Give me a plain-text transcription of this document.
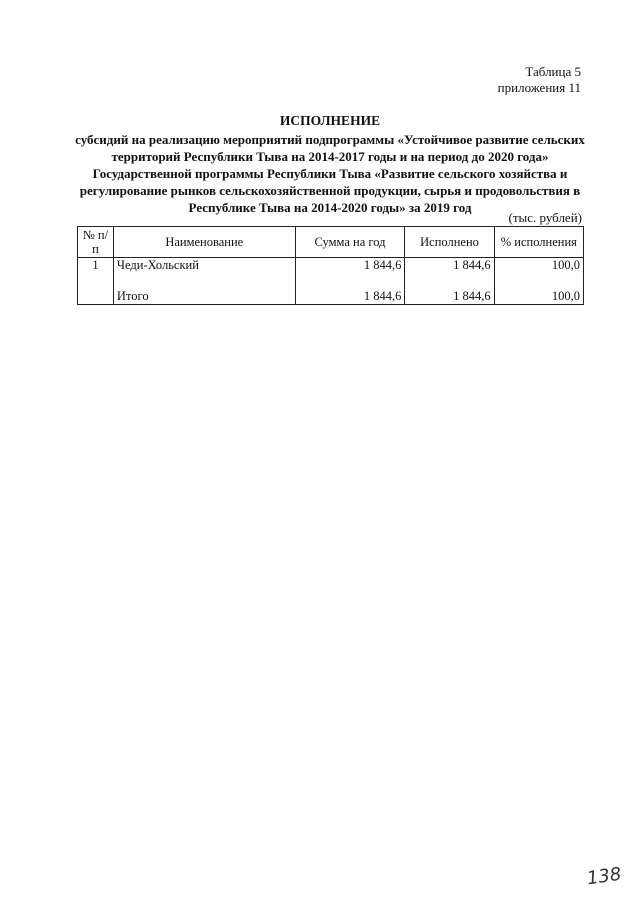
Таблица 5
приложения 11
ИСПОЛНЕНИЕ
субсидий на реализацию мероприятий подпрограммы «Устойчивое развитие сельских территорий Республики Тыва на 2014-2017 годы и на период до 2020 года» Государственной программы Республики Тыва «Развитие сельского хозяйства и регулирование рынков сельскохозяйственной продукции, сырья и продовольствия в Республике Тыва на 2014-2020 годы» за 2019 год
(тыс. рублей)
№ п/п	Наименование	Сумма на год	Исполнено	% исполнения
1	Чеди-Хольский	1 844,6	1 844,6	100,0
	Итого	1 844,6	1 844,6	100,0
138
